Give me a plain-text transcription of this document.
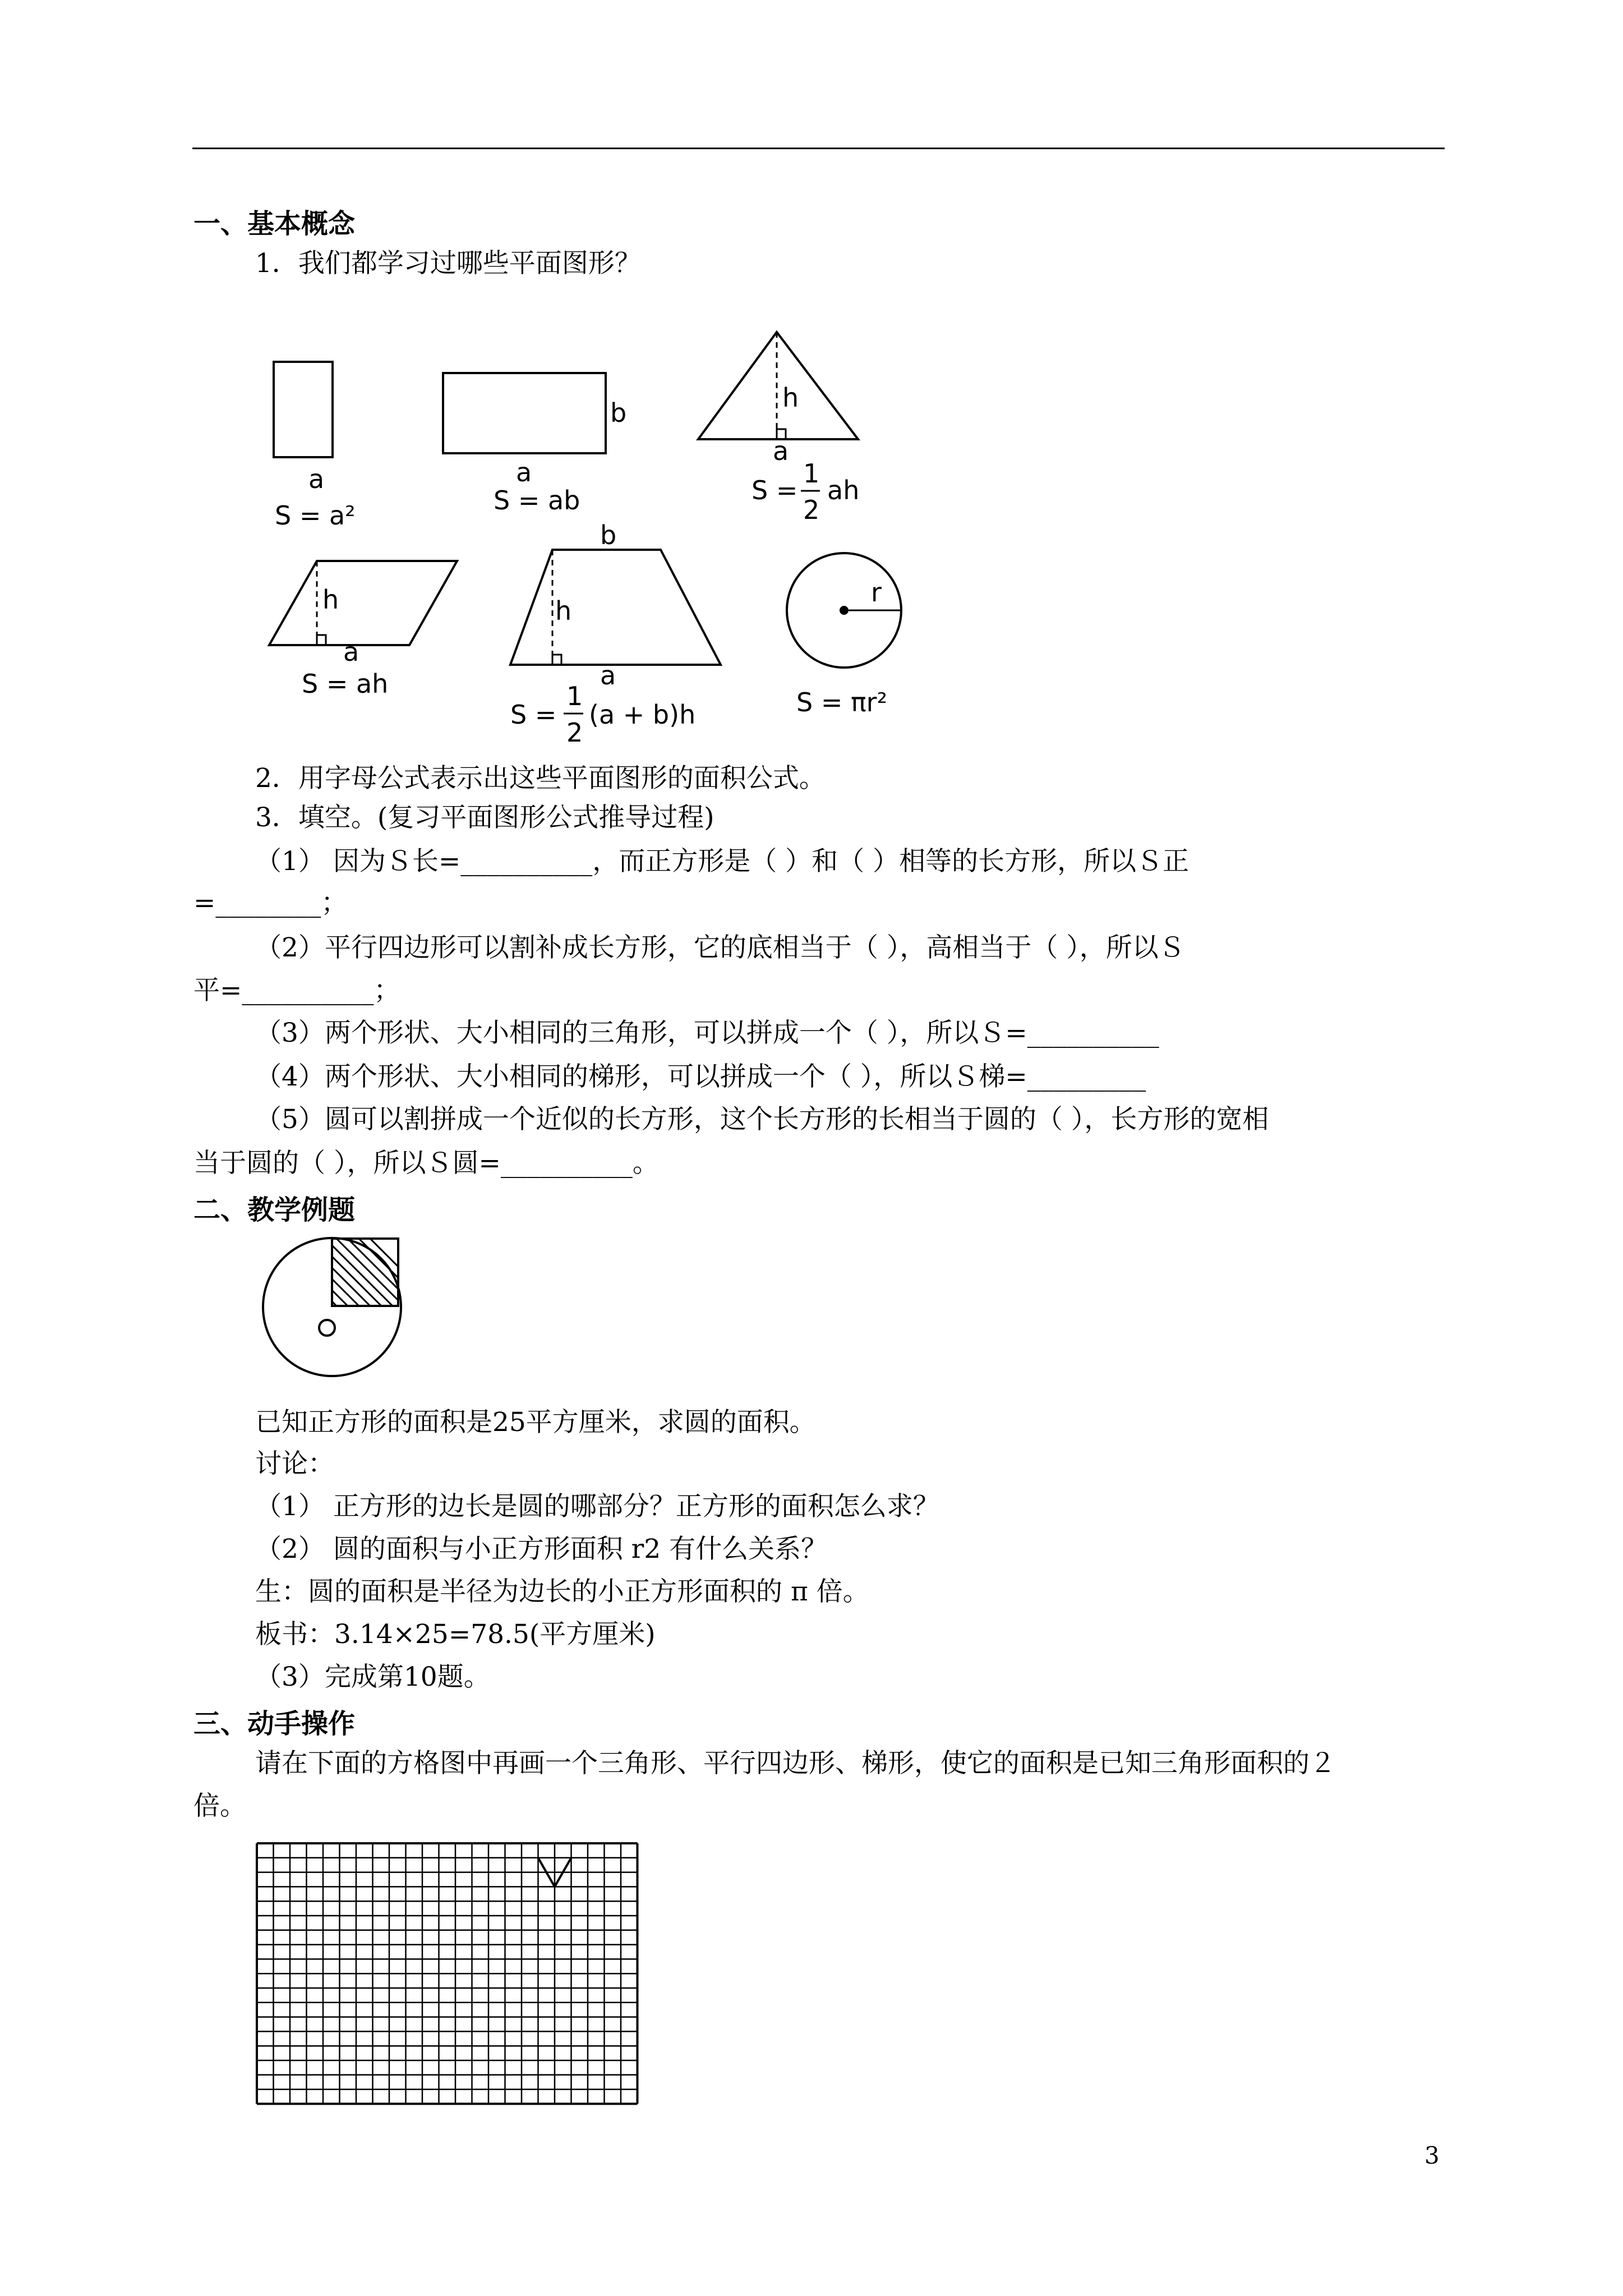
一、基本概念
1．我们都学习过哪些平面图形？
a
S = a²
b
a
S = ab
h
a
S =
1
2
ah
h
a
S = ah
b
h
a
S =
1
2
(a + b)h
r
S = πr²
2．用字母公式表示出这些平面图形的面积公式。
3．填空。(复习平面图形公式推导过程)
（1） 因为Ｓ长=__________，而正方形是（ ）和（ ）相等的长方形，所以Ｓ正
=________；
（2）平行四边形可以割补成长方形，它的底相当于（ ），高相当于（ ），所以Ｓ
平=__________；
（3）两个形状、大小相同的三角形，可以拼成一个（ ），所以Ｓ=__________
（4）两个形状、大小相同的梯形，可以拼成一个（ ），所以Ｓ梯=_________
（5）圆可以割拼成一个近似的长方形，这个长方形的长相当于圆的（ ），长方形的宽相
当于圆的（ ），所以Ｓ圆=__________。
二、教学例题
已知正方形的面积是25平方厘米，求圆的面积。
讨论：
（1） 正方形的边长是圆的哪部分？正方形的面积怎么求？
（2） 圆的面积与小正方形面积 r2 有什么关系？
生：圆的面积是半径为边长的小正方形面积的 π 倍。
板书：3.14×25=78.5(平方厘米)
（3）完成第10题。
三、动手操作
请在下面的方格图中再画一个三角形、平行四边形、梯形，使它的面积是已知三角形面积的２
倍。
3
